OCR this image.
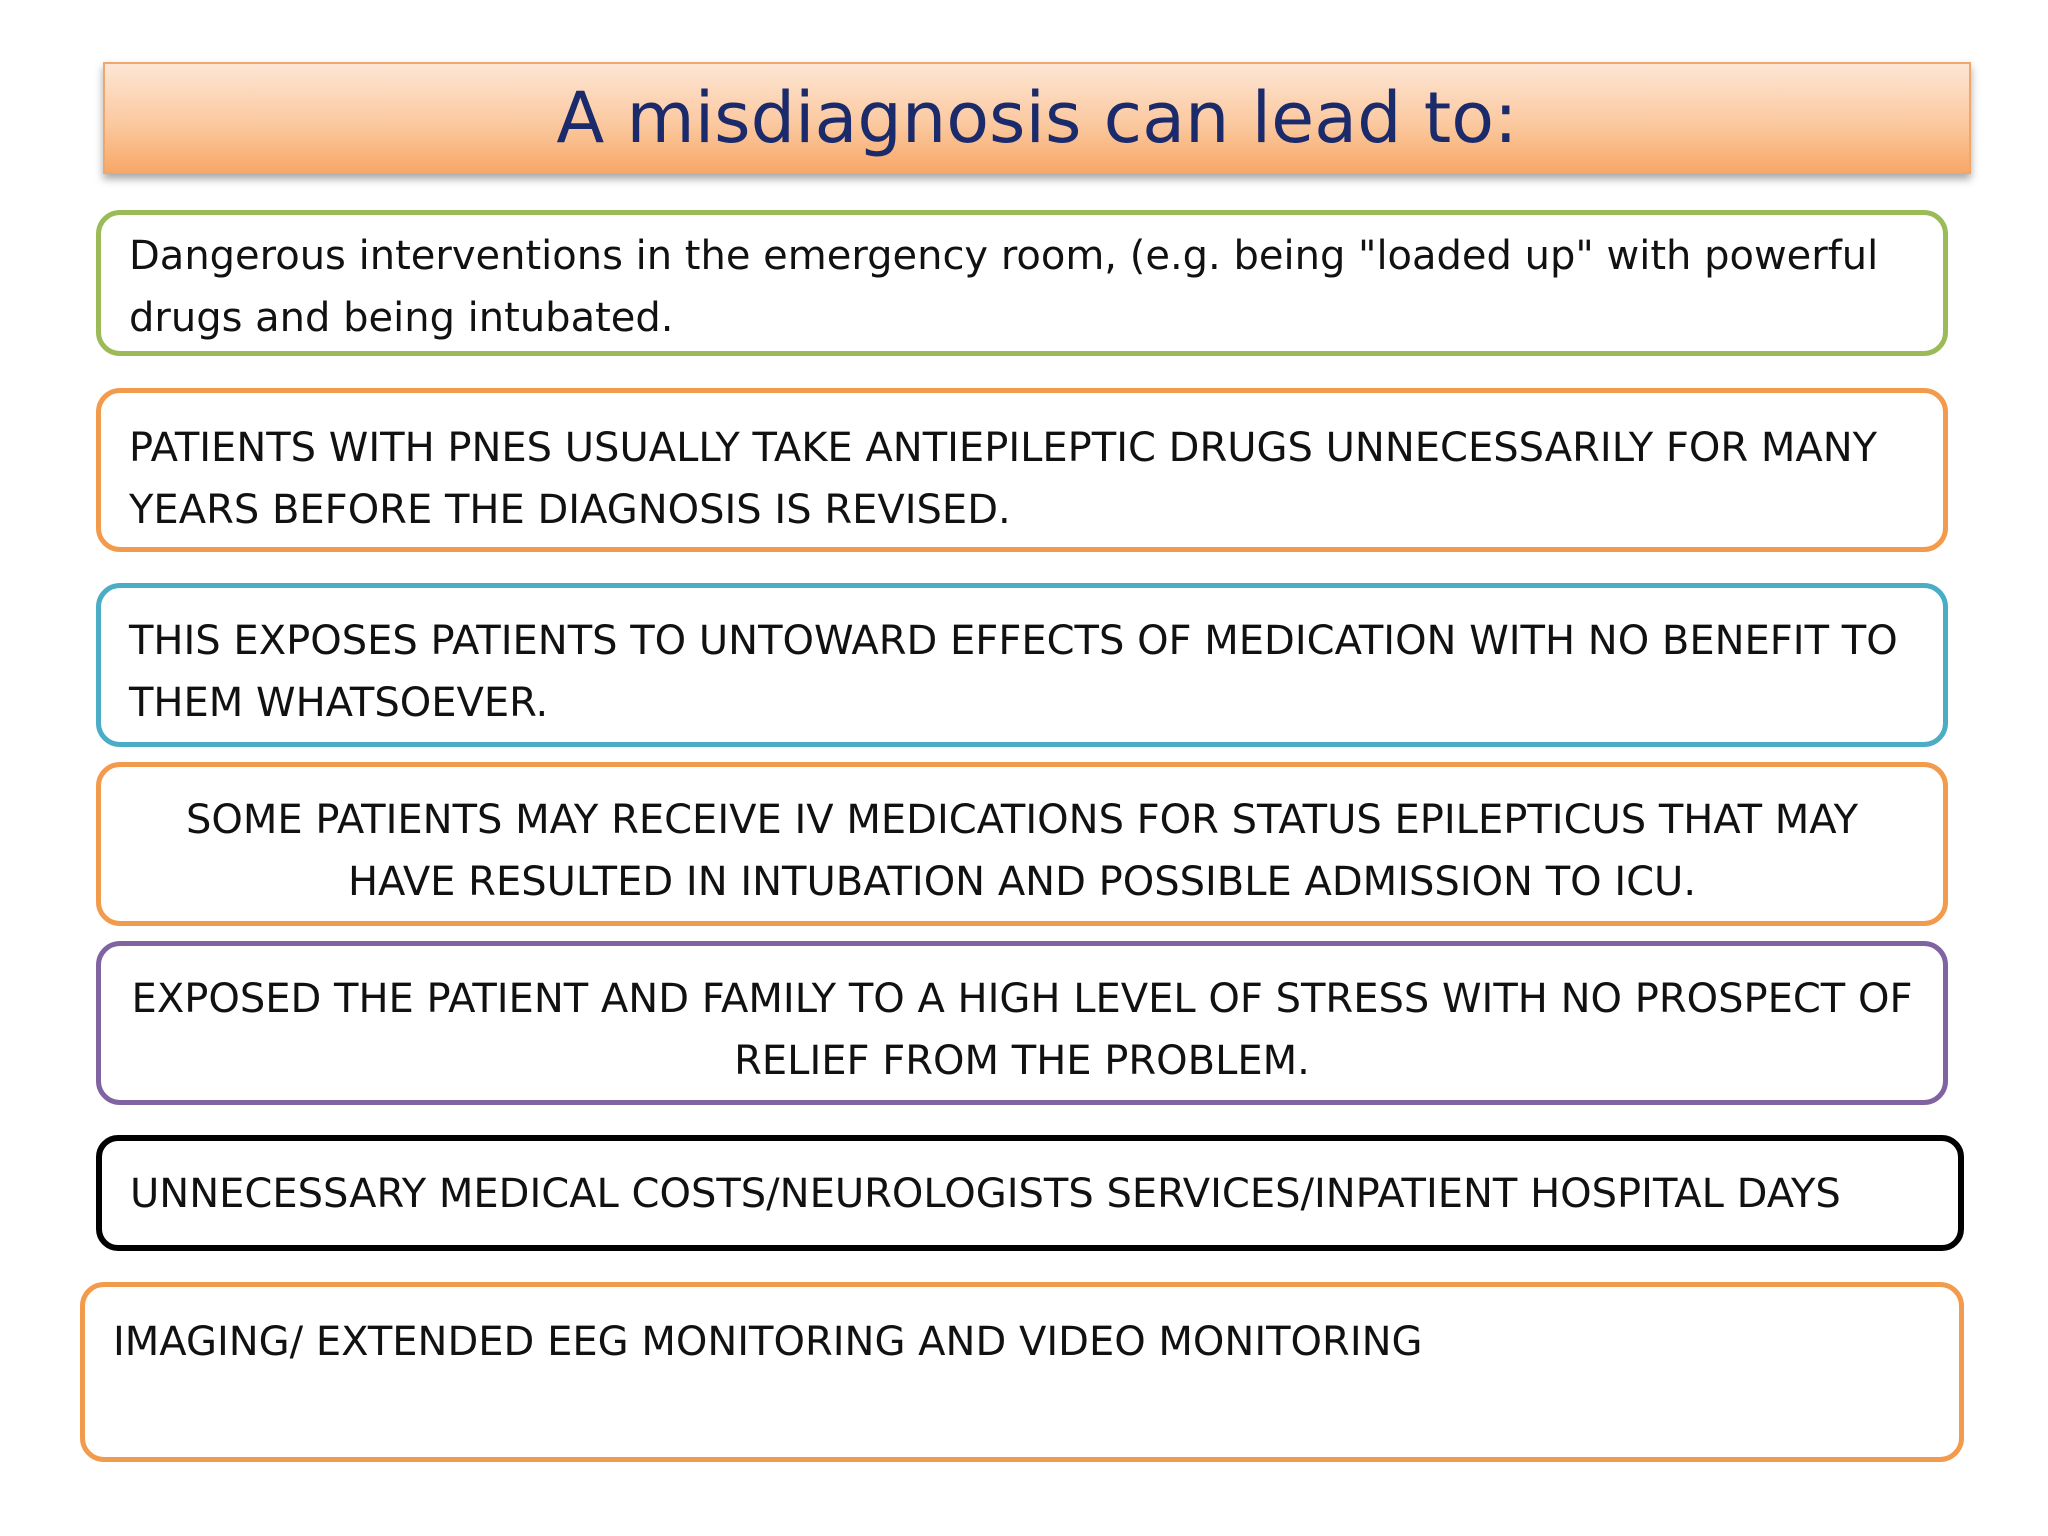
A misdiagnosis can lead to:

Dangerous interventions in the emergency room, (e.g. being "loaded up" with powerful drugs and being intubated.

PATIENTS WITH PNES USUALLY TAKE ANTIEPILEPTIC DRUGS UNNECESSARILY FOR MANY YEARS BEFORE THE DIAGNOSIS IS REVISED.

THIS EXPOSES PATIENTS TO UNTOWARD EFFECTS OF MEDICATION WITH NO BENEFIT TO THEM WHATSOEVER.

SOME PATIENTS MAY RECEIVE IV MEDICATIONS FOR STATUS EPILEPTICUS THAT MAY HAVE RESULTED IN INTUBATION AND POSSIBLE ADMISSION TO ICU.

EXPOSED THE PATIENT AND FAMILY TO A HIGH LEVEL OF STRESS WITH NO PROSPECT OF RELIEF FROM THE PROBLEM.

UNNECESSARY MEDICAL COSTS/NEUROLOGISTS SERVICES/INPATIENT HOSPITAL DAYS

IMAGING/ EXTENDED EEG MONITORING AND VIDEO MONITORING
